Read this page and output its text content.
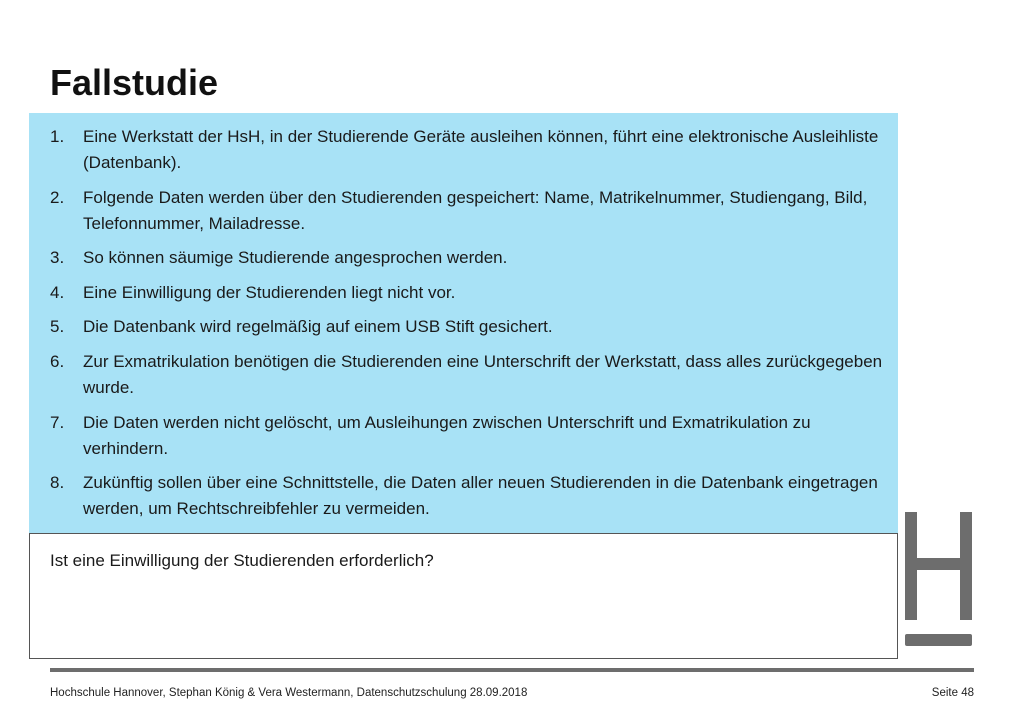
Fallstudie
1.	Eine Werkstatt der HsH, in der Studierende Geräte ausleihen können, führt eine elektronische Ausleihliste (Datenbank).
2.	Folgende Daten werden über den Studierenden gespeichert: Name, Matrikelnummer, Studiengang, Bild, Telefonnummer, Mailadresse.
3.	So können säumige Studierende angesprochen werden.
4.	Eine Einwilligung der Studierenden liegt nicht vor.
5.	Die Datenbank wird regelmäßig auf einem USB Stift gesichert.
6.	Zur Exmatrikulation benötigen die Studierenden eine Unterschrift der Werkstatt, dass alles zurückgegeben wurde.
7.	Die Daten werden nicht gelöscht, um Ausleihungen zwischen Unterschrift und Exmatrikulation zu verhindern.
8.	Zukünftig sollen über eine Schnittstelle, die Daten aller neuen Studierenden in die Datenbank eingetragen werden, um Rechtschreibfehler zu vermeiden.
Ist eine Einwilligung der Studierenden erforderlich?
Hochschule Hannover, Stephan König & Vera Westermann, Datenschutzschulung 28.09.2018	Seite 48
